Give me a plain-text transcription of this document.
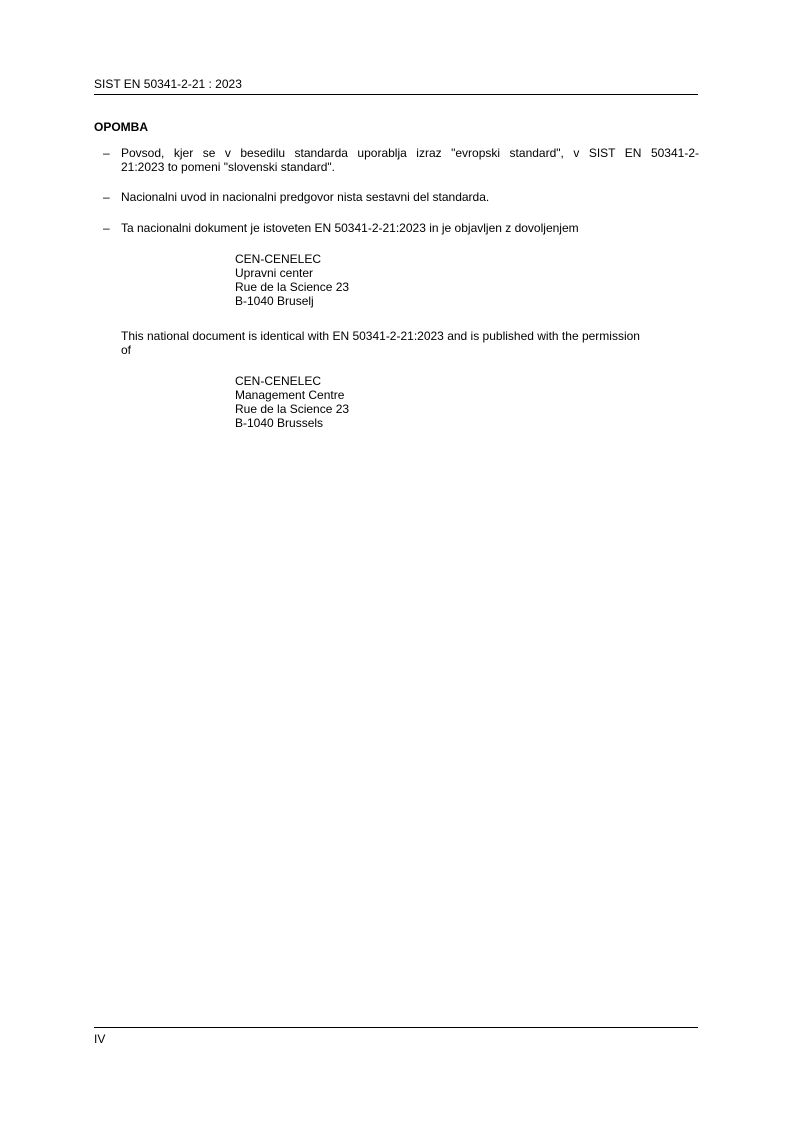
SIST EN 50341-2-21 : 2023
OPOMBA
– Povsod, kjer se v besedilu standarda uporablja izraz "evropski standard", v SIST EN 50341-2-
21:2023 to pomeni "slovenski standard".
– Nacionalni uvod in nacionalni predgovor nista sestavni del standarda.
– Ta nacionalni dokument je istoveten EN 50341-2-21:2023 in je objavljen z dovoljenjem
CEN-CENELEC
Upravni center
Rue de la Science 23
B-1040 Bruselj
This national document is identical with EN 50341-2-21:2023 and is published with the permission
of
CEN-CENELEC
Management Centre
Rue de la Science 23
B-1040 Brussels
IV
